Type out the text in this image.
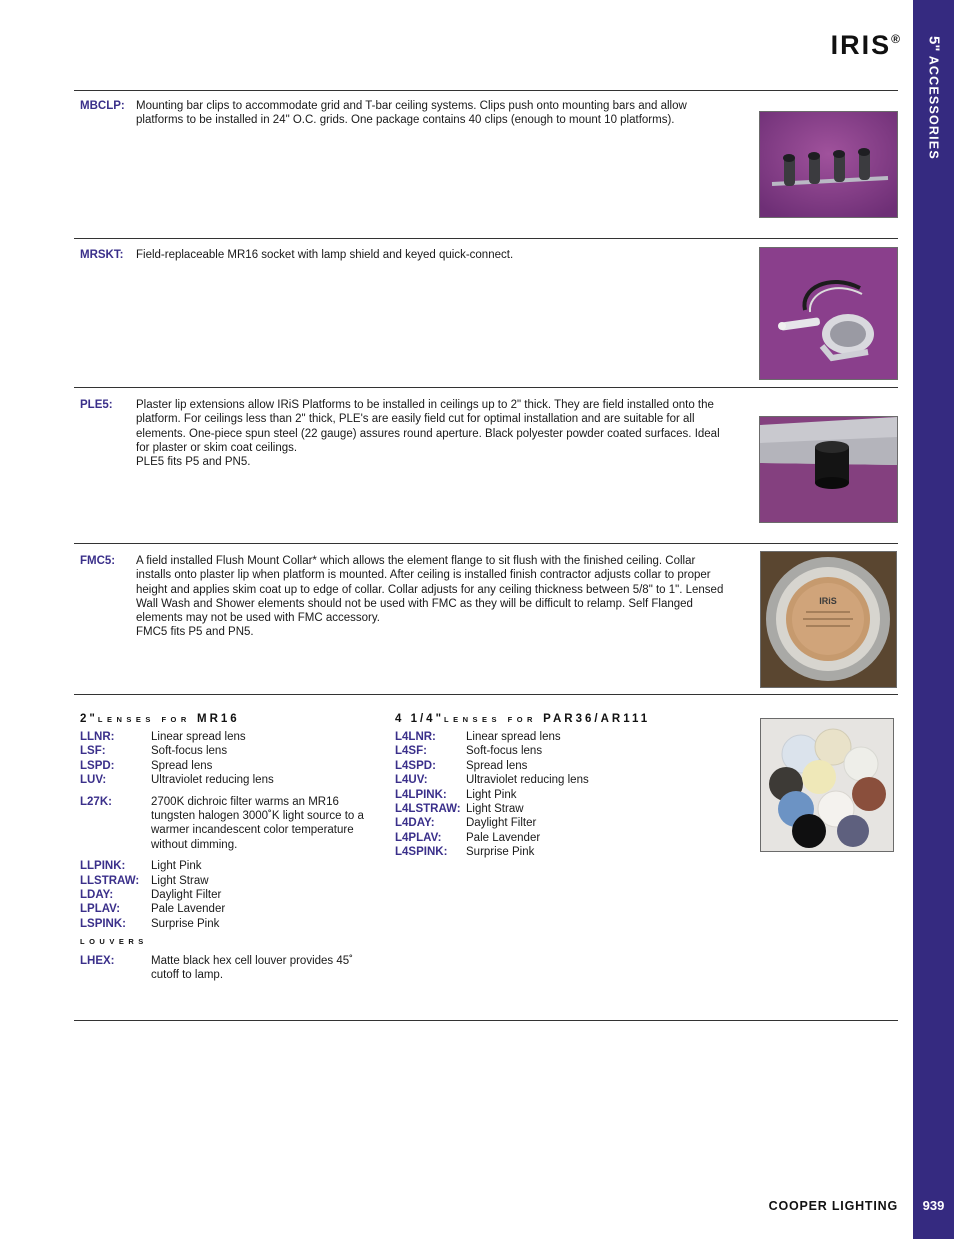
5" ACCESSORIES
939
IRIS®
MBCLP: Mounting bar clips to accommodate grid and T-bar ceiling systems. Clips push onto mounting bars and allow platforms to be installed in 24" O.C. grids. One package contains 40 clips (enough to mount 10 platforms).
MRSKT: Field-replaceable MR16 socket with lamp shield and keyed quick-connect.
PLE5: Plaster lip extensions allow IRiS Platforms to be installed in ceilings up to 2" thick. They are field installed onto the platform. For ceilings less than 2" thick, PLE's are easily field cut for optimal installation and are suitable for all elements. One-piece spun steel (22 gauge) assures round aperture. Black polyester powder coated surfaces. Ideal for plaster or skim coat ceilings.
PLE5 fits P5 and PN5.
FMC5: A field installed Flush Mount Collar* which allows the element flange to sit flush with the finished ceiling. Collar installs onto plaster lip when platform is mounted. After ceiling is installed finish contractor adjusts collar to proper height and applies skim coat up to edge of collar. Collar adjusts for any ceiling thickness between 5/8" to 1". Lensed Wall Wash and Shower elements should not be used with FMC as they will be difficult to relamp. Self Flanged elements may not be used with FMC accessory.
FMC5 fits P5 and PN5.
IRiS
2"LENSES FOR MR16
LLNR:	Linear spread lens
LSF:	Soft-focus lens
LSPD:	Spread lens
LUV:	Ultraviolet reducing lens
L27K:	2700K dichroic filter warms an MR16 tungsten halogen 3000˚K light source to a warmer incandescent color temperature without dimming.
LLPINK:	Light Pink
LLSTRAW:	Light Straw
LDAY:	Daylight Filter
LPLAV:	Pale Lavender
LSPINK:	Surprise Pink
LOUVERS
LHEX:	Matte black hex cell louver provides 45˚ cutoff to lamp.
4 1/4"LENSES FOR PAR36/AR111
L4LNR:	Linear spread lens
L4SF:	Soft-focus lens
L4SPD:	Spread lens
L4UV:	Ultraviolet reducing lens
L4LPINK:	Light Pink
L4LSTRAW: Light Straw
L4DAY:	Daylight Filter
L4PLAV:	Pale Lavender
L4SPINK:	Surprise Pink
COOPER LIGHTING
